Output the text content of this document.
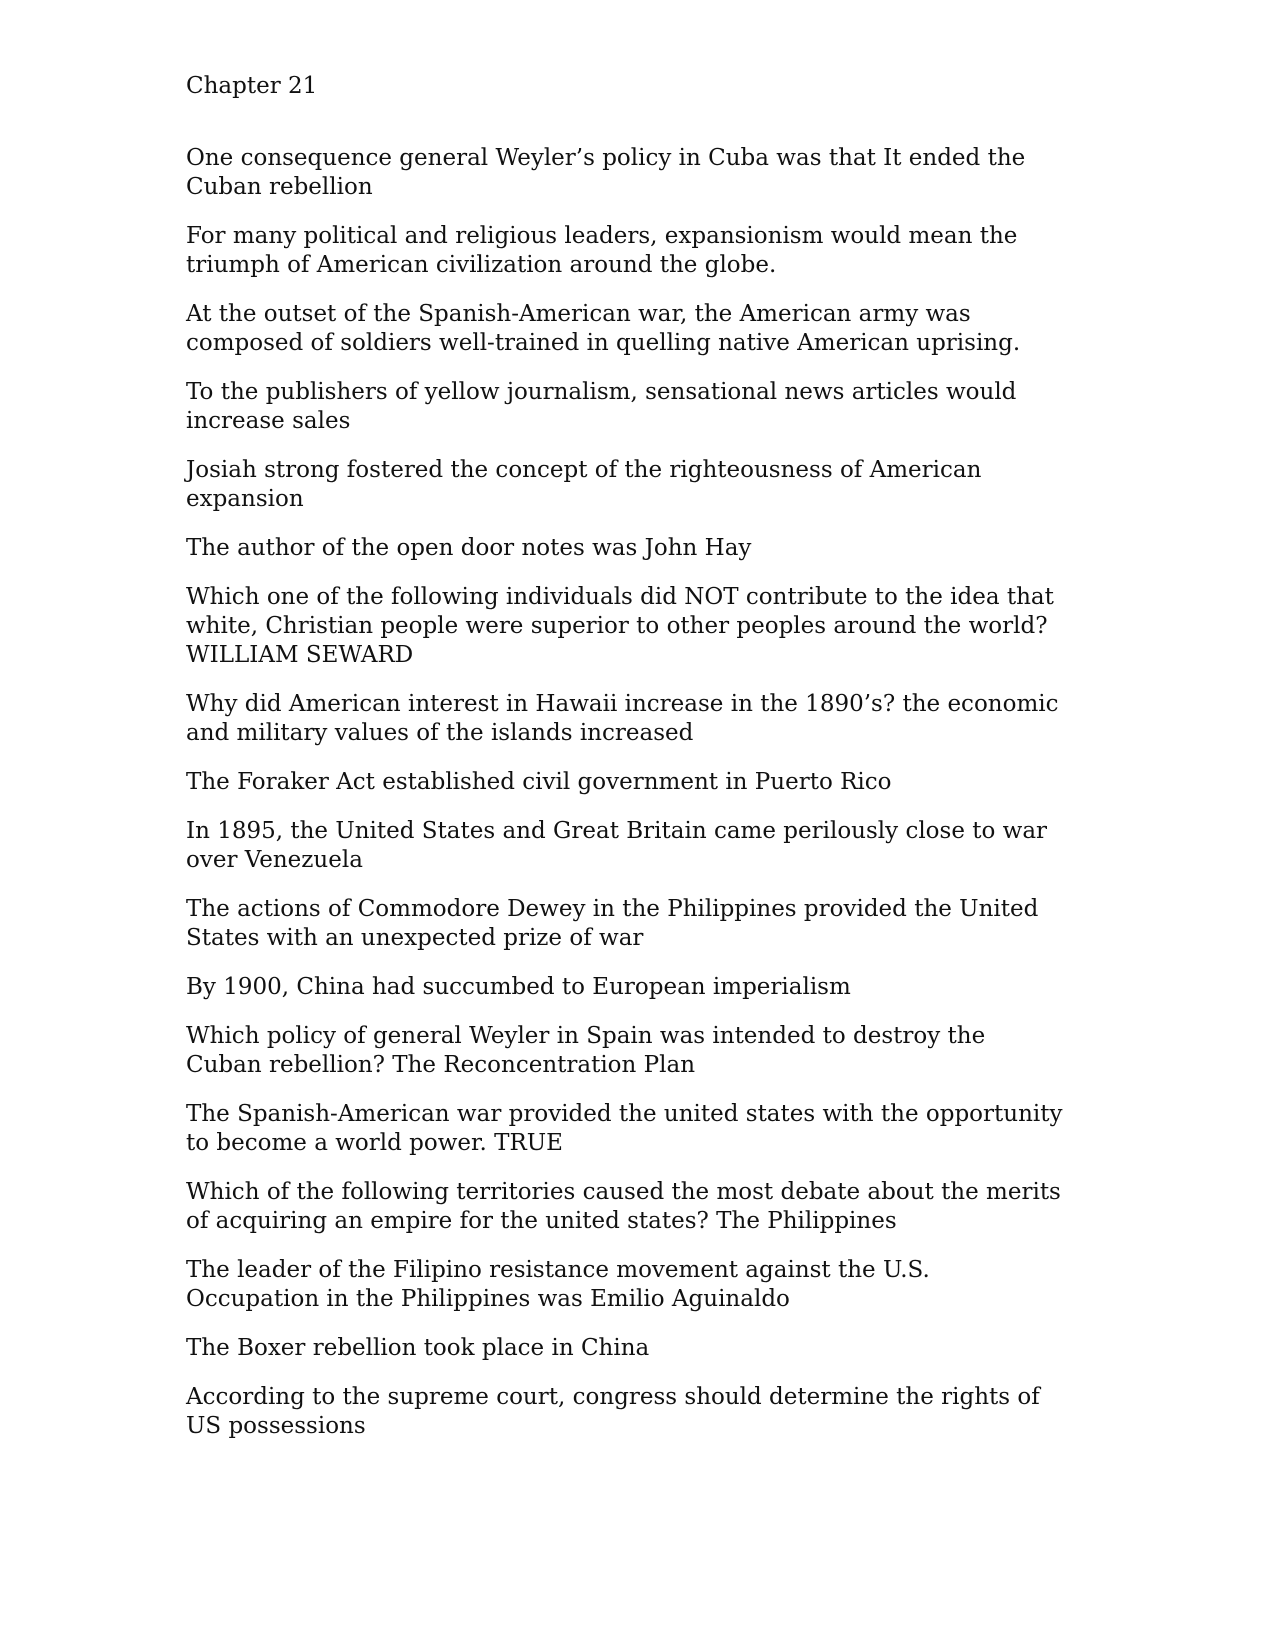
Chapter 21
One consequence general Weyler’s policy in Cuba was that It ended the Cuban rebellion
For many political and religious leaders, expansionism would mean the triumph of American civilization around the globe.
At the outset of the Spanish-American war, the American army was composed of soldiers well-trained in quelling native American uprising.
To the publishers of yellow journalism, sensational news articles would increase sales
Josiah strong fostered the concept of the righteousness of American expansion
The author of the open door notes was John Hay
Which one of the following individuals did NOT contribute to the idea that white, Christian people were superior to other peoples around the world? WILLIAM SEWARD
Why did American interest in Hawaii increase in the 1890’s? the economic and military values of the islands increased
The Foraker Act established civil government in Puerto Rico
In 1895, the United States and Great Britain came perilously close to war over Venezuela
The actions of Commodore Dewey in the Philippines provided the United States with an unexpected prize of war
By 1900, China had succumbed to European imperialism
Which policy of general Weyler in Spain was intended to destroy the Cuban rebellion? The Reconcentration Plan
The Spanish-American war provided the united states with the opportunity to become a world power. TRUE
Which of the following territories caused the most debate about the merits of acquiring an empire for the united states? The Philippines
The leader of the Filipino resistance movement against the U.S. Occupation in the Philippines was Emilio Aguinaldo
The Boxer rebellion took place in China
According to the supreme court, congress should determine the rights of US possessions
